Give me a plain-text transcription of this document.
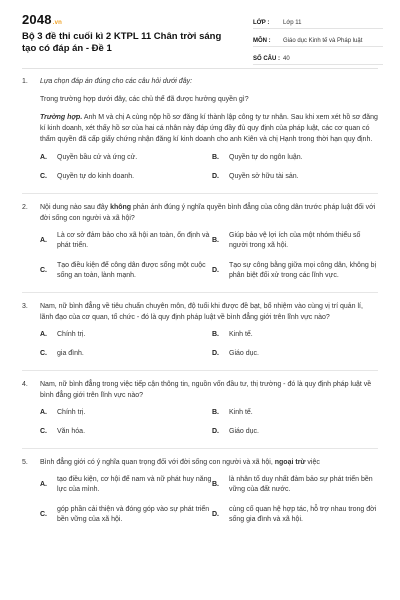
2048.vn
Bộ 3 đề thi cuối kì 2 KTPL 11 Chân trời sáng tạo có đáp án - Đề 1
LỚP :	Lớp 11
MÔN :	Giáo dục Kinh tế và Pháp luật
SỐ CÂU : 40
1. Lựa chọn đáp án đúng cho các câu hỏi dưới đây:
Trong trường hợp dưới đây, các chủ thể đã được hưởng quyền gì?
Trường hợp. Anh M và chị A cùng nộp hồ sơ đăng kí thành lập công ty tư nhân. Sau khi xem xét hồ sơ đăng kí kinh doanh, xét thấy hồ sơ của hai cá nhân này đáp ứng đầy đủ quy định của pháp luật, các cơ quan có thẩm quyền đã cấp giấy chứng nhận đăng kí kinh doanh cho anh Kiên và chị Hạnh trong thời hạn quy định.
A.	Quyền bầu cử và ứng cử.	B.	Quyền tự do ngôn luận.
C.	Quyền tự do kinh doanh.	D.	Quyền sở hữu tài sản.
2. Nội dung nào sau đây không phản ánh đúng ý nghĩa quyền bình đẳng của công dân trước pháp luật đối với đời sống con người và xã hội?
A.
Là cơ sở đảm bảo cho xã hội an toàn, ổn định và phát triển.
B.
Giúp bảo vệ lợi ích của một nhóm thiểu số người trong xã hội.
C.
Tạo điều kiện để công dân được sống một cuộc sống an toàn, lành mạnh.
D.
Tạo sự công bằng giữa mọi công dân, không bị phân biệt đối xử trong các lĩnh vực.
3. Nam, nữ bình đẳng về tiêu chuẩn chuyên môn, độ tuổi khi được đề bạt, bổ nhiệm vào cùng vị trí quản lí, lãnh đạo của cơ quan, tổ chức - đó là quy định pháp luật về bình đẳng giới trên lĩnh vực nào?
A.	Chính trị.	B.	Kinh tế.
C.	gia đình.	D.	Giáo dục.
4. Nam, nữ bình đẳng trong việc tiếp cận thông tin, nguồn vốn đầu tư, thị trường - đó là quy định pháp luật về bình đẳng giới trên lĩnh vực nào?
A.	Chính trị.	B.	Kinh tế.
C.	Văn hóa.	D.	Giáo dục.
5. Bình đẳng giới có ý nghĩa quan trọng đối với đời sống con người và xã hội, ngoại trừ việc
A.
tạo điều kiện, cơ hội để nam và nữ phát huy năng lực của mình.
B.
là nhân tố duy nhất đảm bảo sự phát triển bền vững của đất nước.
C.
góp phần cải thiện và đóng góp vào sự phát triển bền vững của xã hội.
D.
củng cố quan hệ hợp tác, hỗ trợ nhau trong đời sống gia đình và xã hội.
